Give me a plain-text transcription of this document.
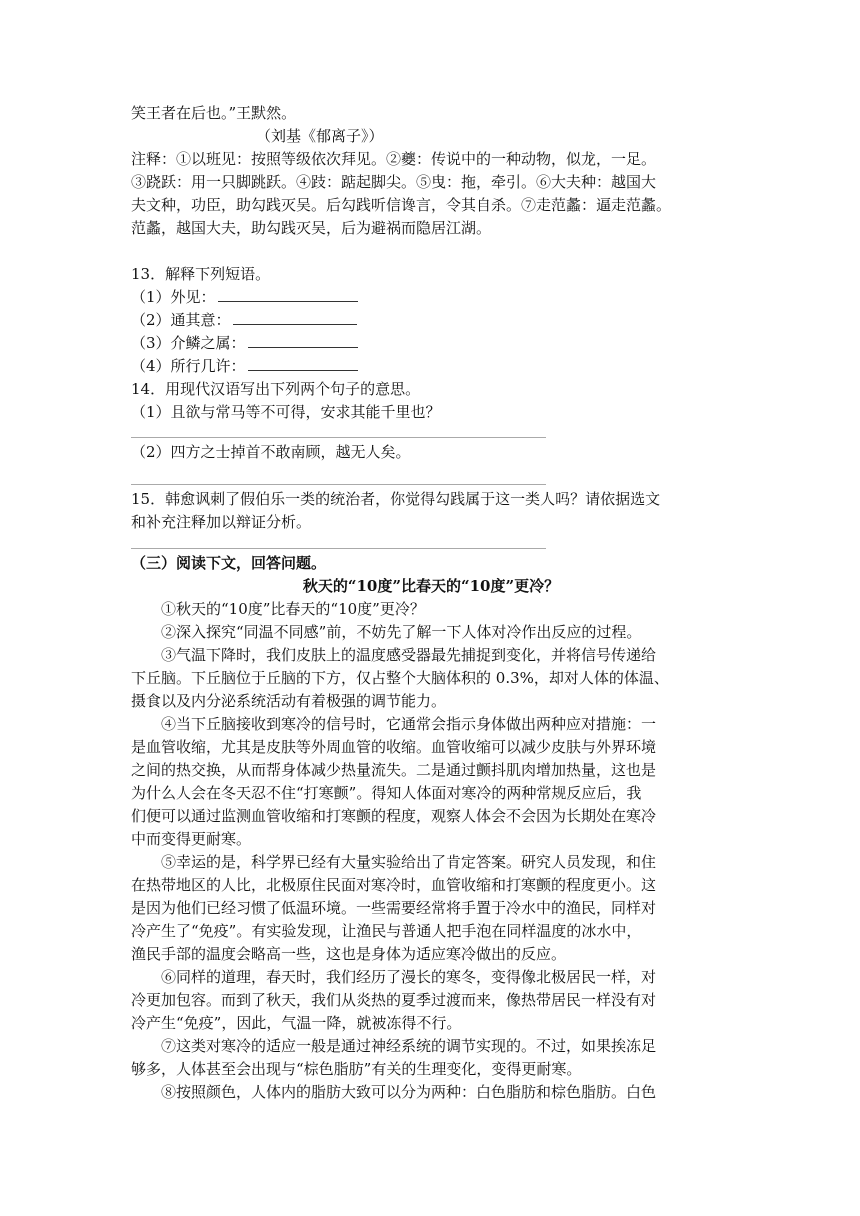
笑王者在后也。”王默然。
（刘基《郁离子》）
注释：①以班见：按照等级依次拜见。②夔：传说中的一种动物，似龙，一足。
③跷跃：用一只脚跳跃。④跂：踮起脚尖。⑤曳：拖，牵引。⑥大夫种：越国大
夫文种，功臣，助勾践灭吴。后勾践听信谗言，令其自杀。⑦走范蠡：逼走范蠡。
范蠡，越国大夫，助勾践灭吴，后为避祸而隐居江湖。
13．解释下列短语。
（1）外见：
（2）通其意：
（3）介鳞之属：
（4）所行几许：
14．用现代汉语写出下列两个句子的意思。
（1）且欲与常马等不可得，安求其能千里也？
（2）四方之士掉首不敢南顾，越无人矣。
15．韩愈讽刺了假伯乐一类的统治者，你觉得勾践属于这一类人吗？请依据选文
和补充注释加以辩证分析。
（三）阅读下文，回答问题。
秋天的“10度”比春天的“10度”更冷？
①秋天的“10度”比春天的“10度”更冷？
②深入探究“同温不同感”前，不妨先了解一下人体对冷作出反应的过程。
③气温下降时，我们皮肤上的温度感受器最先捕捉到变化，并将信号传递给
下丘脑。下丘脑位于丘脑的下方，仅占整个大脑体积的 0.3%，却对人体的体温、
摄食以及内分泌系统活动有着极强的调节能力。
④当下丘脑接收到寒冷的信号时，它通常会指示身体做出两种应对措施：一
是血管收缩，尤其是皮肤等外周血管的收缩。血管收缩可以减少皮肤与外界环境
之间的热交换，从而帮身体减少热量流失。二是通过颤抖肌肉增加热量，这也是
为什么人会在冬天忍不住“打寒颤”。得知人体面对寒冷的两种常规反应后，我
们便可以通过监测血管收缩和打寒颤的程度，观察人体会不会因为长期处在寒冷
中而变得更耐寒。
⑤幸运的是，科学界已经有大量实验给出了肯定答案。研究人员发现，和住
在热带地区的人比，北极原住民面对寒冷时，血管收缩和打寒颤的程度更小。这
是因为他们已经习惯了低温环境。一些需要经常将手置于冷水中的渔民，同样对
冷产生了“免疫”。有实验发现，让渔民与普通人把手泡在同样温度的冰水中，
渔民手部的温度会略高一些，这也是身体为适应寒冷做出的反应。
⑥同样的道理，春天时，我们经历了漫长的寒冬，变得像北极居民一样，对
冷更加包容。而到了秋天，我们从炎热的夏季过渡而来，像热带居民一样没有对
冷产生“免疫”，因此，气温一降，就被冻得不行。
⑦这类对寒冷的适应一般是通过神经系统的调节实现的。不过，如果挨冻足
够多，人体甚至会出现与“棕色脂肪”有关的生理变化，变得更耐寒。
⑧按照颜色，人体内的脂肪大致可以分为两种：白色脂肪和棕色脂肪。白色
